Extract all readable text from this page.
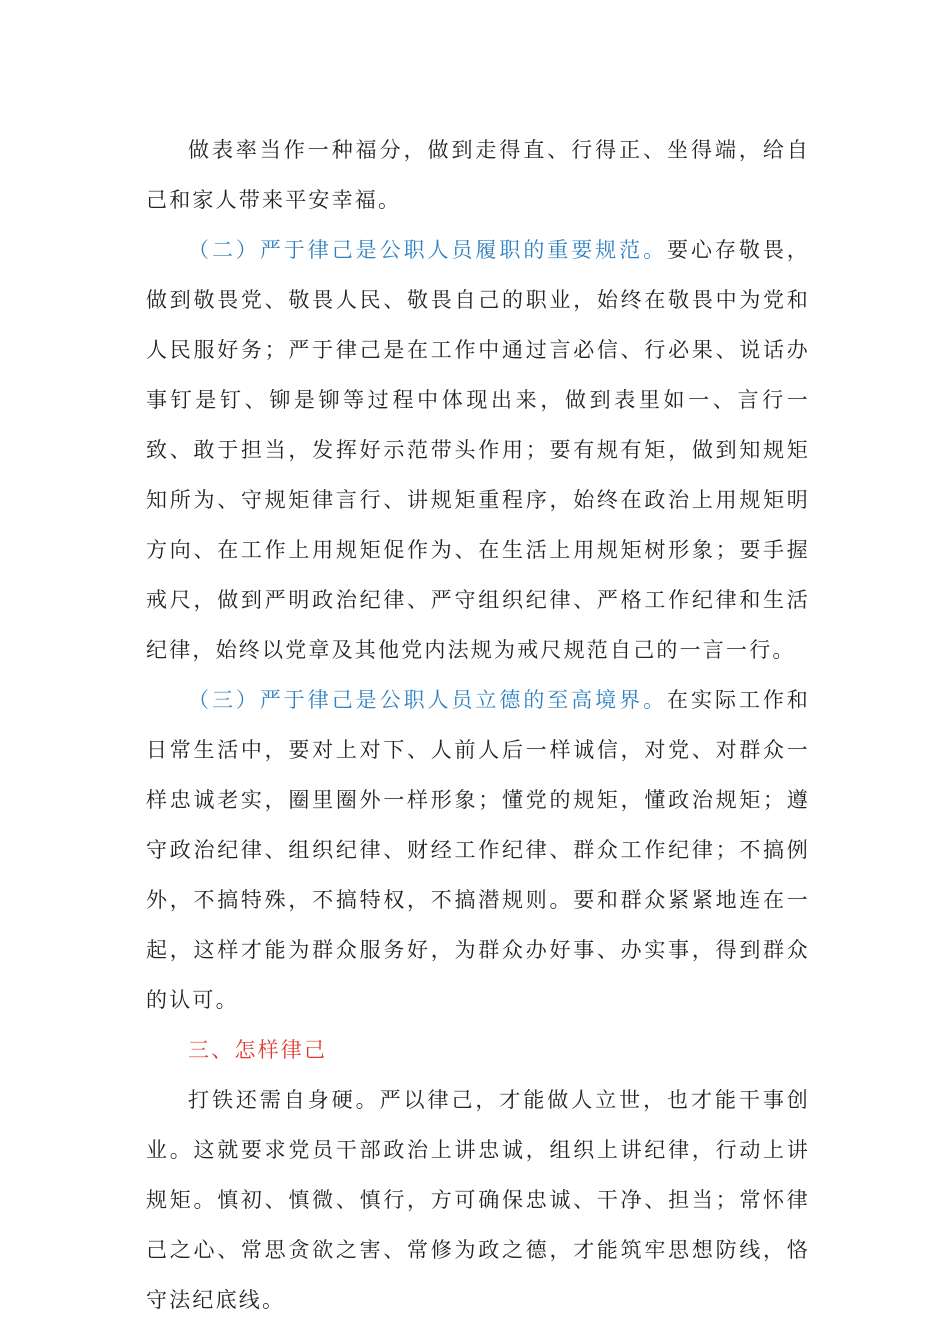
做表率当作一种福分，做到走得直、行得正、坐得端，给自己和家人带来平安幸福。

（二）严于律己是公职人员履职的重要规范。要心存敬畏，做到敬畏党、敬畏人民、敬畏自己的职业，始终在敬畏中为党和人民服好务；严于律己是在工作中通过言必信、行必果、说话办事钉是钉、铆是铆等过程中体现出来，做到表里如一、言行一致、敢于担当，发挥好示范带头作用；要有规有矩，做到知规矩知所为、守规矩律言行、讲规矩重程序，始终在政治上用规矩明方向、在工作上用规矩促作为、在生活上用规矩树形象；要手握戒尺，做到严明政治纪律、严守组织纪律、严格工作纪律和生活纪律，始终以党章及其他党内法规为戒尺规范自己的一言一行。

（三）严于律己是公职人员立德的至高境界。在实际工作和日常生活中，要对上对下、人前人后一样诚信，对党、对群众一样忠诚老实，圈里圈外一样形象；懂党的规矩，懂政治规矩；遵守政治纪律、组织纪律、财经工作纪律、群众工作纪律；不搞例外，不搞特殊，不搞特权，不搞潜规则。要和群众紧紧地连在一起，这样才能为群众服务好，为群众办好事、办实事，得到群众的认可。

三、怎样律己

打铁还需自身硬。严以律己，才能做人立世，也才能干事创业。这就要求党员干部政治上讲忠诚，组织上讲纪律，行动上讲规矩。慎初、慎微、慎行，方可确保忠诚、干净、担当；常怀律己之心、常思贪欲之害、常修为政之德，才能筑牢思想防线，恪守法纪底线。
